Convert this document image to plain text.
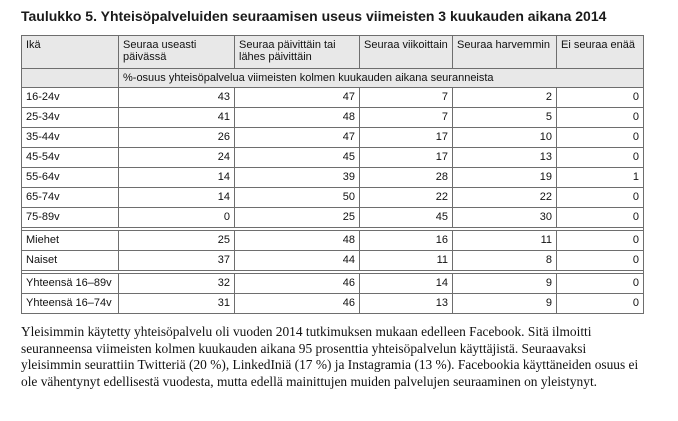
Taulukko 5. Yhteisöpalveluiden seuraamisen useus viimeisten 3 kuukauden aikana 2014
Ikä	Seuraa useasti päivässä	Seuraa päivittäin tai lähes päivittäin	Seuraa viikoittain	Seuraa harvemmin	Ei seuraa enää
	%-osuus yhteisöpalvelua viimeisten kolmen kuukauden aikana seuranneista				
16-24v	43	47	7	2	0
25-34v	41	48	7	5	0
35-44v	26	47	17	10	0
45-54v	24	45	17	13	0
55-64v	14	39	28	19	1
65-74v	14	50	22	22	0
75-89v	0	25	45	30	0

Miehet	25	48	16	11	0
Naiset	37	44	11	8	0

Yhteensä 16–89v	32	46	14	9	0
Yhteensä 16–74v	31	46	13	9	0

Yleisimmin käytetty yhteisöpalvelu oli vuoden 2014 tutkimuksen mukaan edelleen Facebook. Sitä ilmoitti seuranneensa viimeisten kolmen kuukauden aikana 95 prosenttia yhteisöpalvelun käyttäjistä. Seuraavaksi yleisimmin seurattiin Twitteriä (20 %), LinkedIniä (17 %) ja Instagramia (13 %). Facebookia käyttäneiden osuus ei ole vähentynyt edellisestä vuodesta, mutta edellä mainittujen muiden palvelujen seuraaminen on yleistynyt.
